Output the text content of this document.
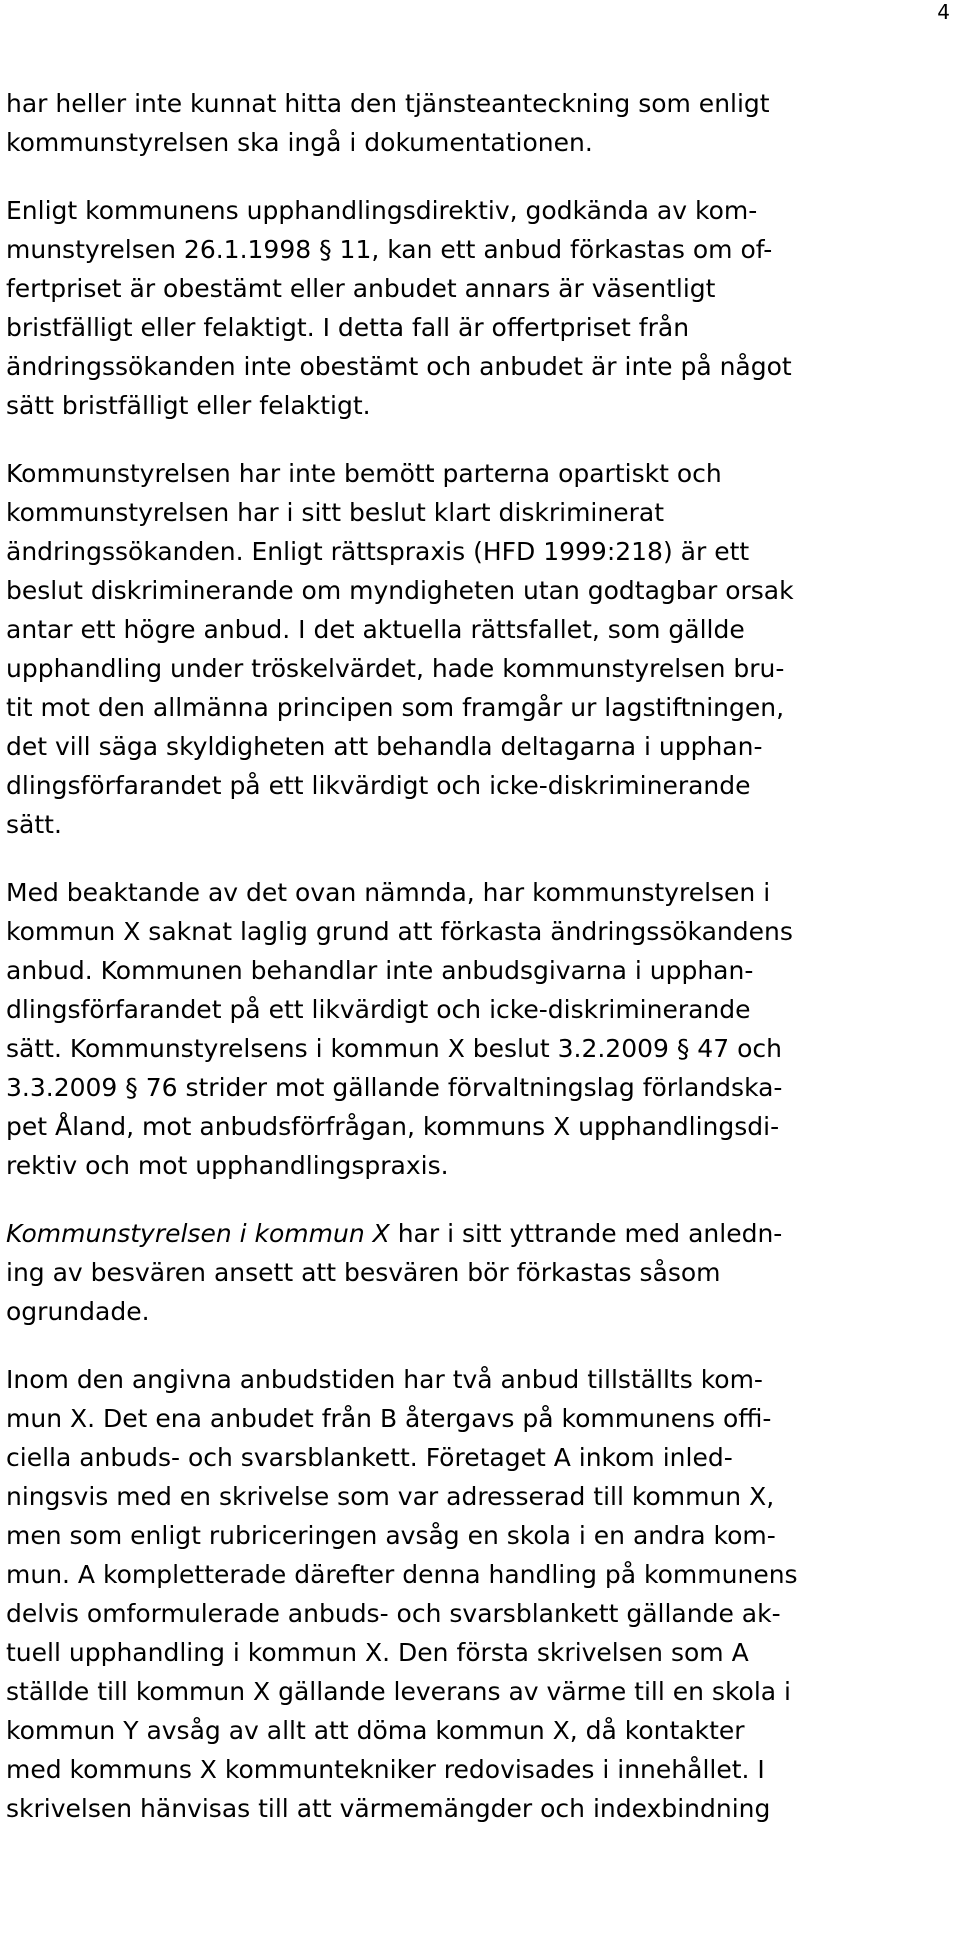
4
har heller inte kunnat hitta den tjänsteanteckning som enligt
kommunstyrelsen ska ingå i dokumentationen.
Enligt kommunens upphandlingsdirektiv, godkända av kom-
munstyrelsen 26.1.1998 § 11, kan ett anbud förkastas om of-
fertpriset är obestämt eller anbudet annars är väsentligt
bristfälligt eller felaktigt. I detta fall är offertpriset från
ändringssökanden inte obestämt och anbudet är inte på något
sätt bristfälligt eller felaktigt.
Kommunstyrelsen har inte bemött parterna opartiskt och
kommunstyrelsen har i sitt beslut klart diskriminerat
ändringssökanden. Enligt rättspraxis (HFD 1999:218) är ett
beslut diskriminerande om myndigheten utan godtagbar orsak
antar ett högre anbud. I det aktuella rättsfallet, som gällde
upphandling under tröskelvärdet, hade kommunstyrelsen bru-
tit mot den allmänna principen som framgår ur lagstiftningen,
det vill säga skyldigheten att behandla deltagarna i upphan-
dlingsförfarandet på ett likvärdigt och icke-diskriminerande
sätt.
Med beaktande av det ovan nämnda, har kommunstyrelsen i
kommun X saknat laglig grund att förkasta ändringssökandens
anbud. Kommunen behandlar inte anbudsgivarna i upphan-
dlingsförfarandet på ett likvärdigt och icke-diskriminerande
sätt. Kommunstyrelsens i kommun X beslut 3.2.2009 § 47 och
3.3.2009 § 76 strider mot gällande förvaltningslag förlandska-
pet Åland, mot anbudsförfrågan, kommuns X upphandlingsdi-
rektiv och mot upphandlingspraxis.
Kommunstyrelsen i kommun X har i sitt yttrande med anledn-
ing av besvären ansett att besvären bör förkastas såsom
ogrundade.
Inom den angivna anbudstiden har två anbud tillställts kom-
mun X. Det ena anbudet från B återgavs på kommunens offi-
ciella anbuds- och svarsblankett. Företaget A inkom inled-
ningsvis med en skrivelse som var adresserad till kommun X,
men som enligt rubriceringen avsåg en skola i en andra kom-
mun. A kompletterade därefter denna handling på kommunens
delvis omformulerade anbuds- och svarsblankett gällande ak-
tuell upphandling i kommun X. Den första skrivelsen som A
ställde till kommun X gällande leverans av värme till en skola i
kommun Y avsåg av allt att döma kommun X, då kontakter
med kommuns X kommuntekniker redovisades i innehållet. I
skrivelsen hänvisas till att värmemängder och indexbindning
